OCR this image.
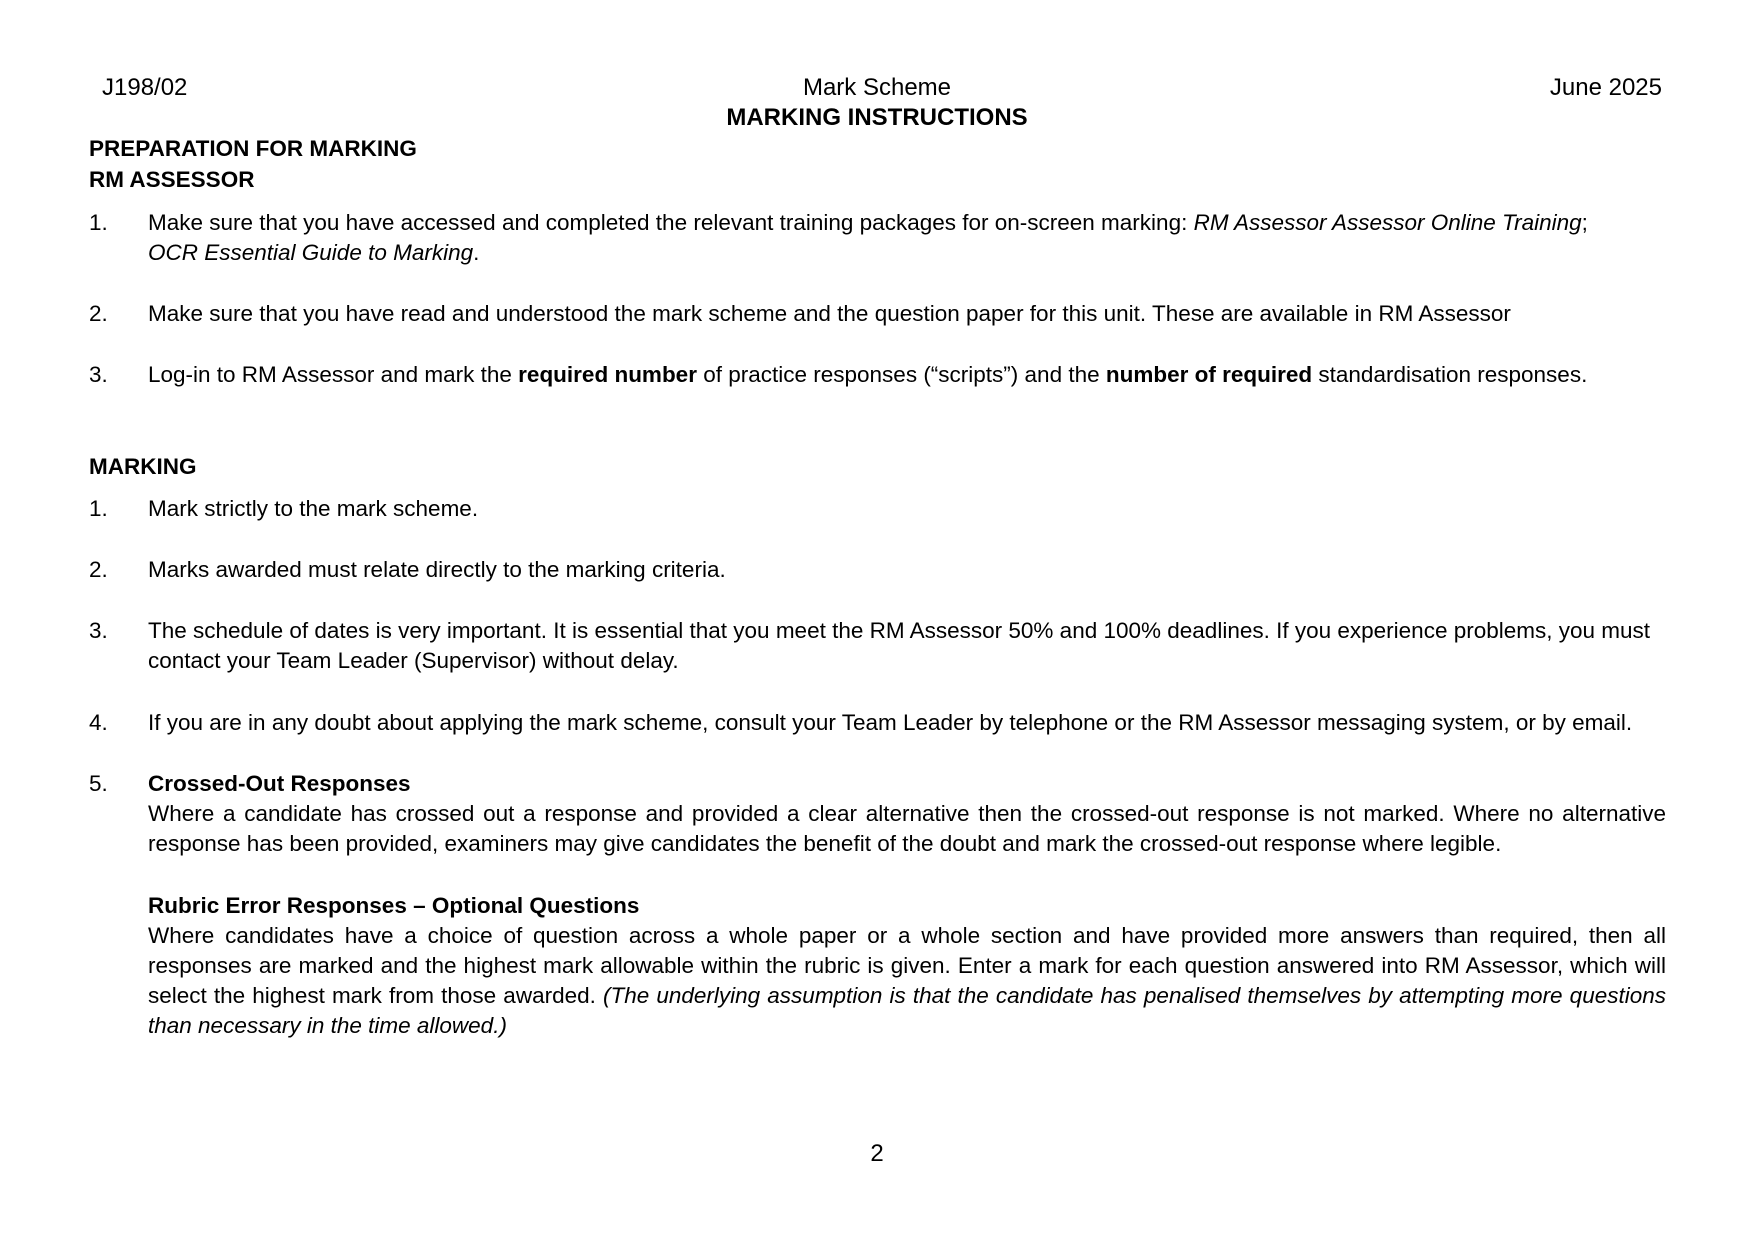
J198/02	Mark Scheme	June 2025
MARKING INSTRUCTIONS
PREPARATION FOR MARKING
RM ASSESSOR
1.	Make sure that you have accessed and completed the relevant training packages for on-screen marking: RM Assessor Assessor Online Training;
OCR Essential Guide to Marking.
2.	Make sure that you have read and understood the mark scheme and the question paper for this unit. These are available in RM Assessor
3.	Log-in to RM Assessor and mark the required number of practice responses (“scripts”) and the number of required standardisation responses.
MARKING
1.	Mark strictly to the mark scheme.
2.	Marks awarded must relate directly to the marking criteria.
3.	The schedule of dates is very important. It is essential that you meet the RM Assessor 50% and 100% deadlines. If you experience problems, you must contact your Team Leader (Supervisor) without delay.
4.	If you are in any doubt about applying the mark scheme, consult your Team Leader by telephone or the RM Assessor messaging system, or by email.
5.	Crossed-Out Responses
Where a candidate has crossed out a response and provided a clear alternative then the crossed-out response is not marked. Where no alternative response has been provided, examiners may give candidates the benefit of the doubt and mark the crossed-out response where legible.
Rubric Error Responses – Optional Questions
Where candidates have a choice of question across a whole paper or a whole section and have provided more answers than required, then all responses are marked and the highest mark allowable within the rubric is given. Enter a mark for each question answered into RM Assessor, which will select the highest mark from those awarded. (The underlying assumption is that the candidate has penalised themselves by attempting more questions than necessary in the time allowed.)
2
